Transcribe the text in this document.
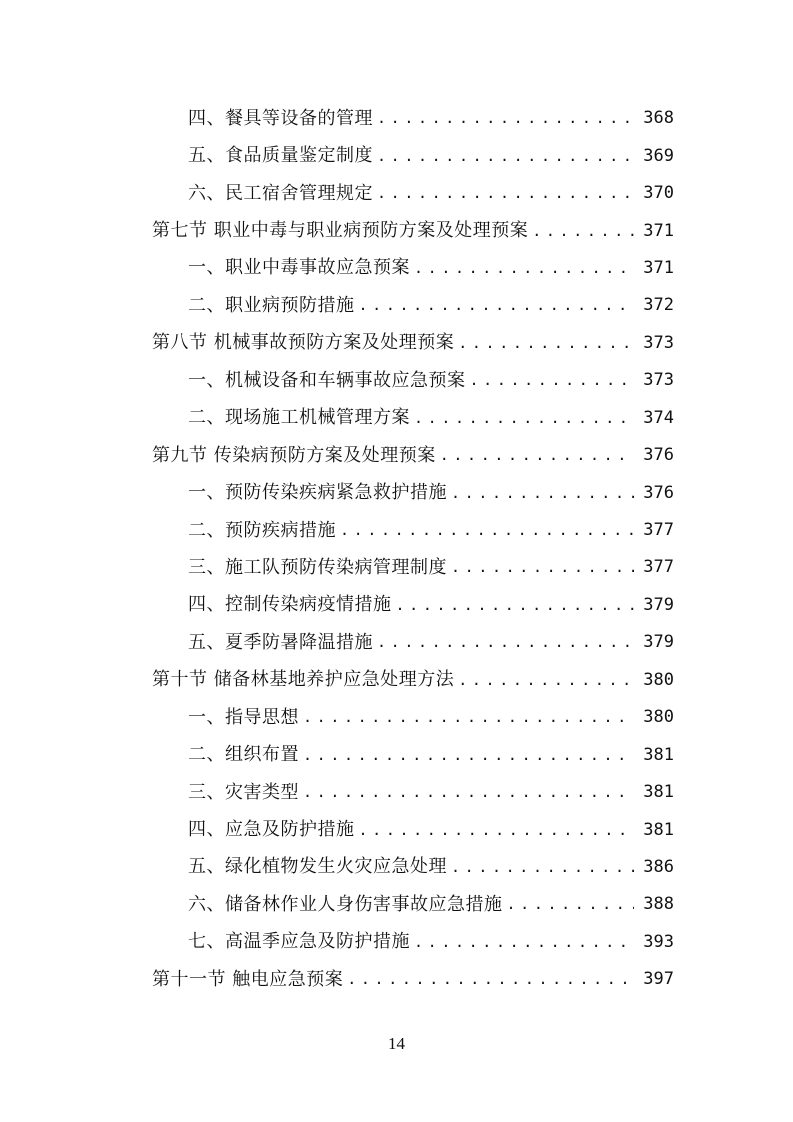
四、餐具等设备的管理 . . .	368
五、食品质量鉴定制度 . . .	369
六、民工宿舍管理规定 . . .	370
第七节 职业中毒与职业病预防方案及处理预案 . . .	371
一、职业中毒事故应急预案 . . .	371
二、职业病预防措施 . . .	372
第八节 机械事故预防方案及处理预案 . . .	373
一、机械设备和车辆事故应急预案 . . .	373
二、现场施工机械管理方案 . . .	374
第九节 传染病预防方案及处理预案 . . .	376
一、预防传染疾病紧急救护措施 . . .	376
二、预防疾病措施 . . .	377
三、施工队预防传染病管理制度 . . .	377
四、控制传染病疫情措施 . . .	379
五、夏季防暑降温措施 . . .	379
第十节 储备林基地养护应急处理方法 . . .	380
一、指导思想 . . .	380
二、组织布置 . . .	381
三、灾害类型 . . .	381
四、应急及防护措施 . . .	381
五、绿化植物发生火灾应急处理 . . .	386
六、储备林作业人身伤害事故应急措施 . . .	388
七、高温季应急及防护措施 . . .	393
第十一节 触电应急预案 . . .	397
14
